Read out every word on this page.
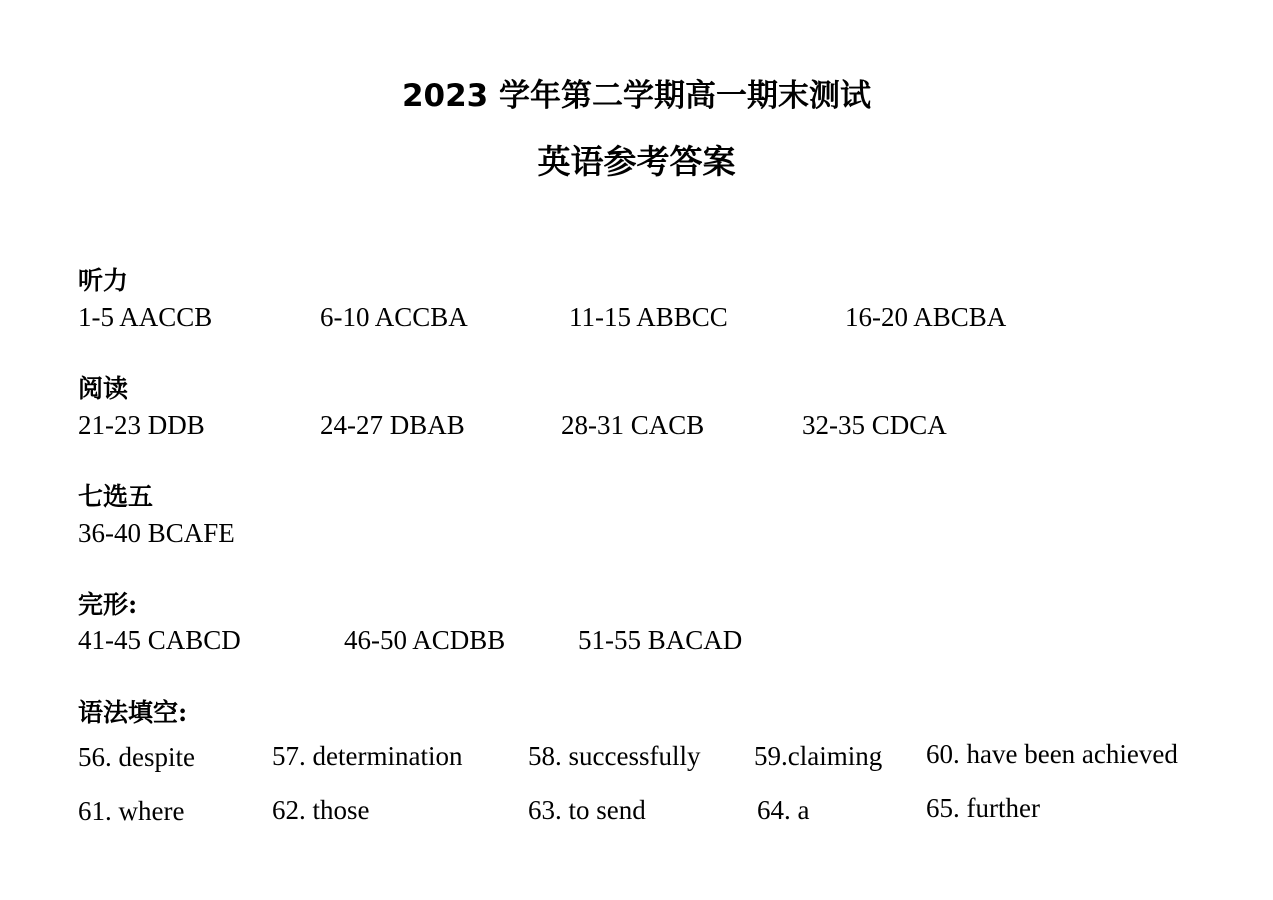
2023 学年第二学期高一期末测试
英语参考答案
听力
1-5 AACCB	6-10 ACCBA	11-15 ABBCC	16-20 ABCBA
阅读
21-23 DDB	24-27 DBAB	28-31 CACB	32-35 CDCA
七选五
36-40 BCAFE
完形:
41-45 CABCD	46-50 ACDBB	51-55 BACAD
语法填空:
56. despite	57. determination 58. successfully 59.claiming 60. have been achieved
61. where	62. those	63. to send	64. a	65. further
